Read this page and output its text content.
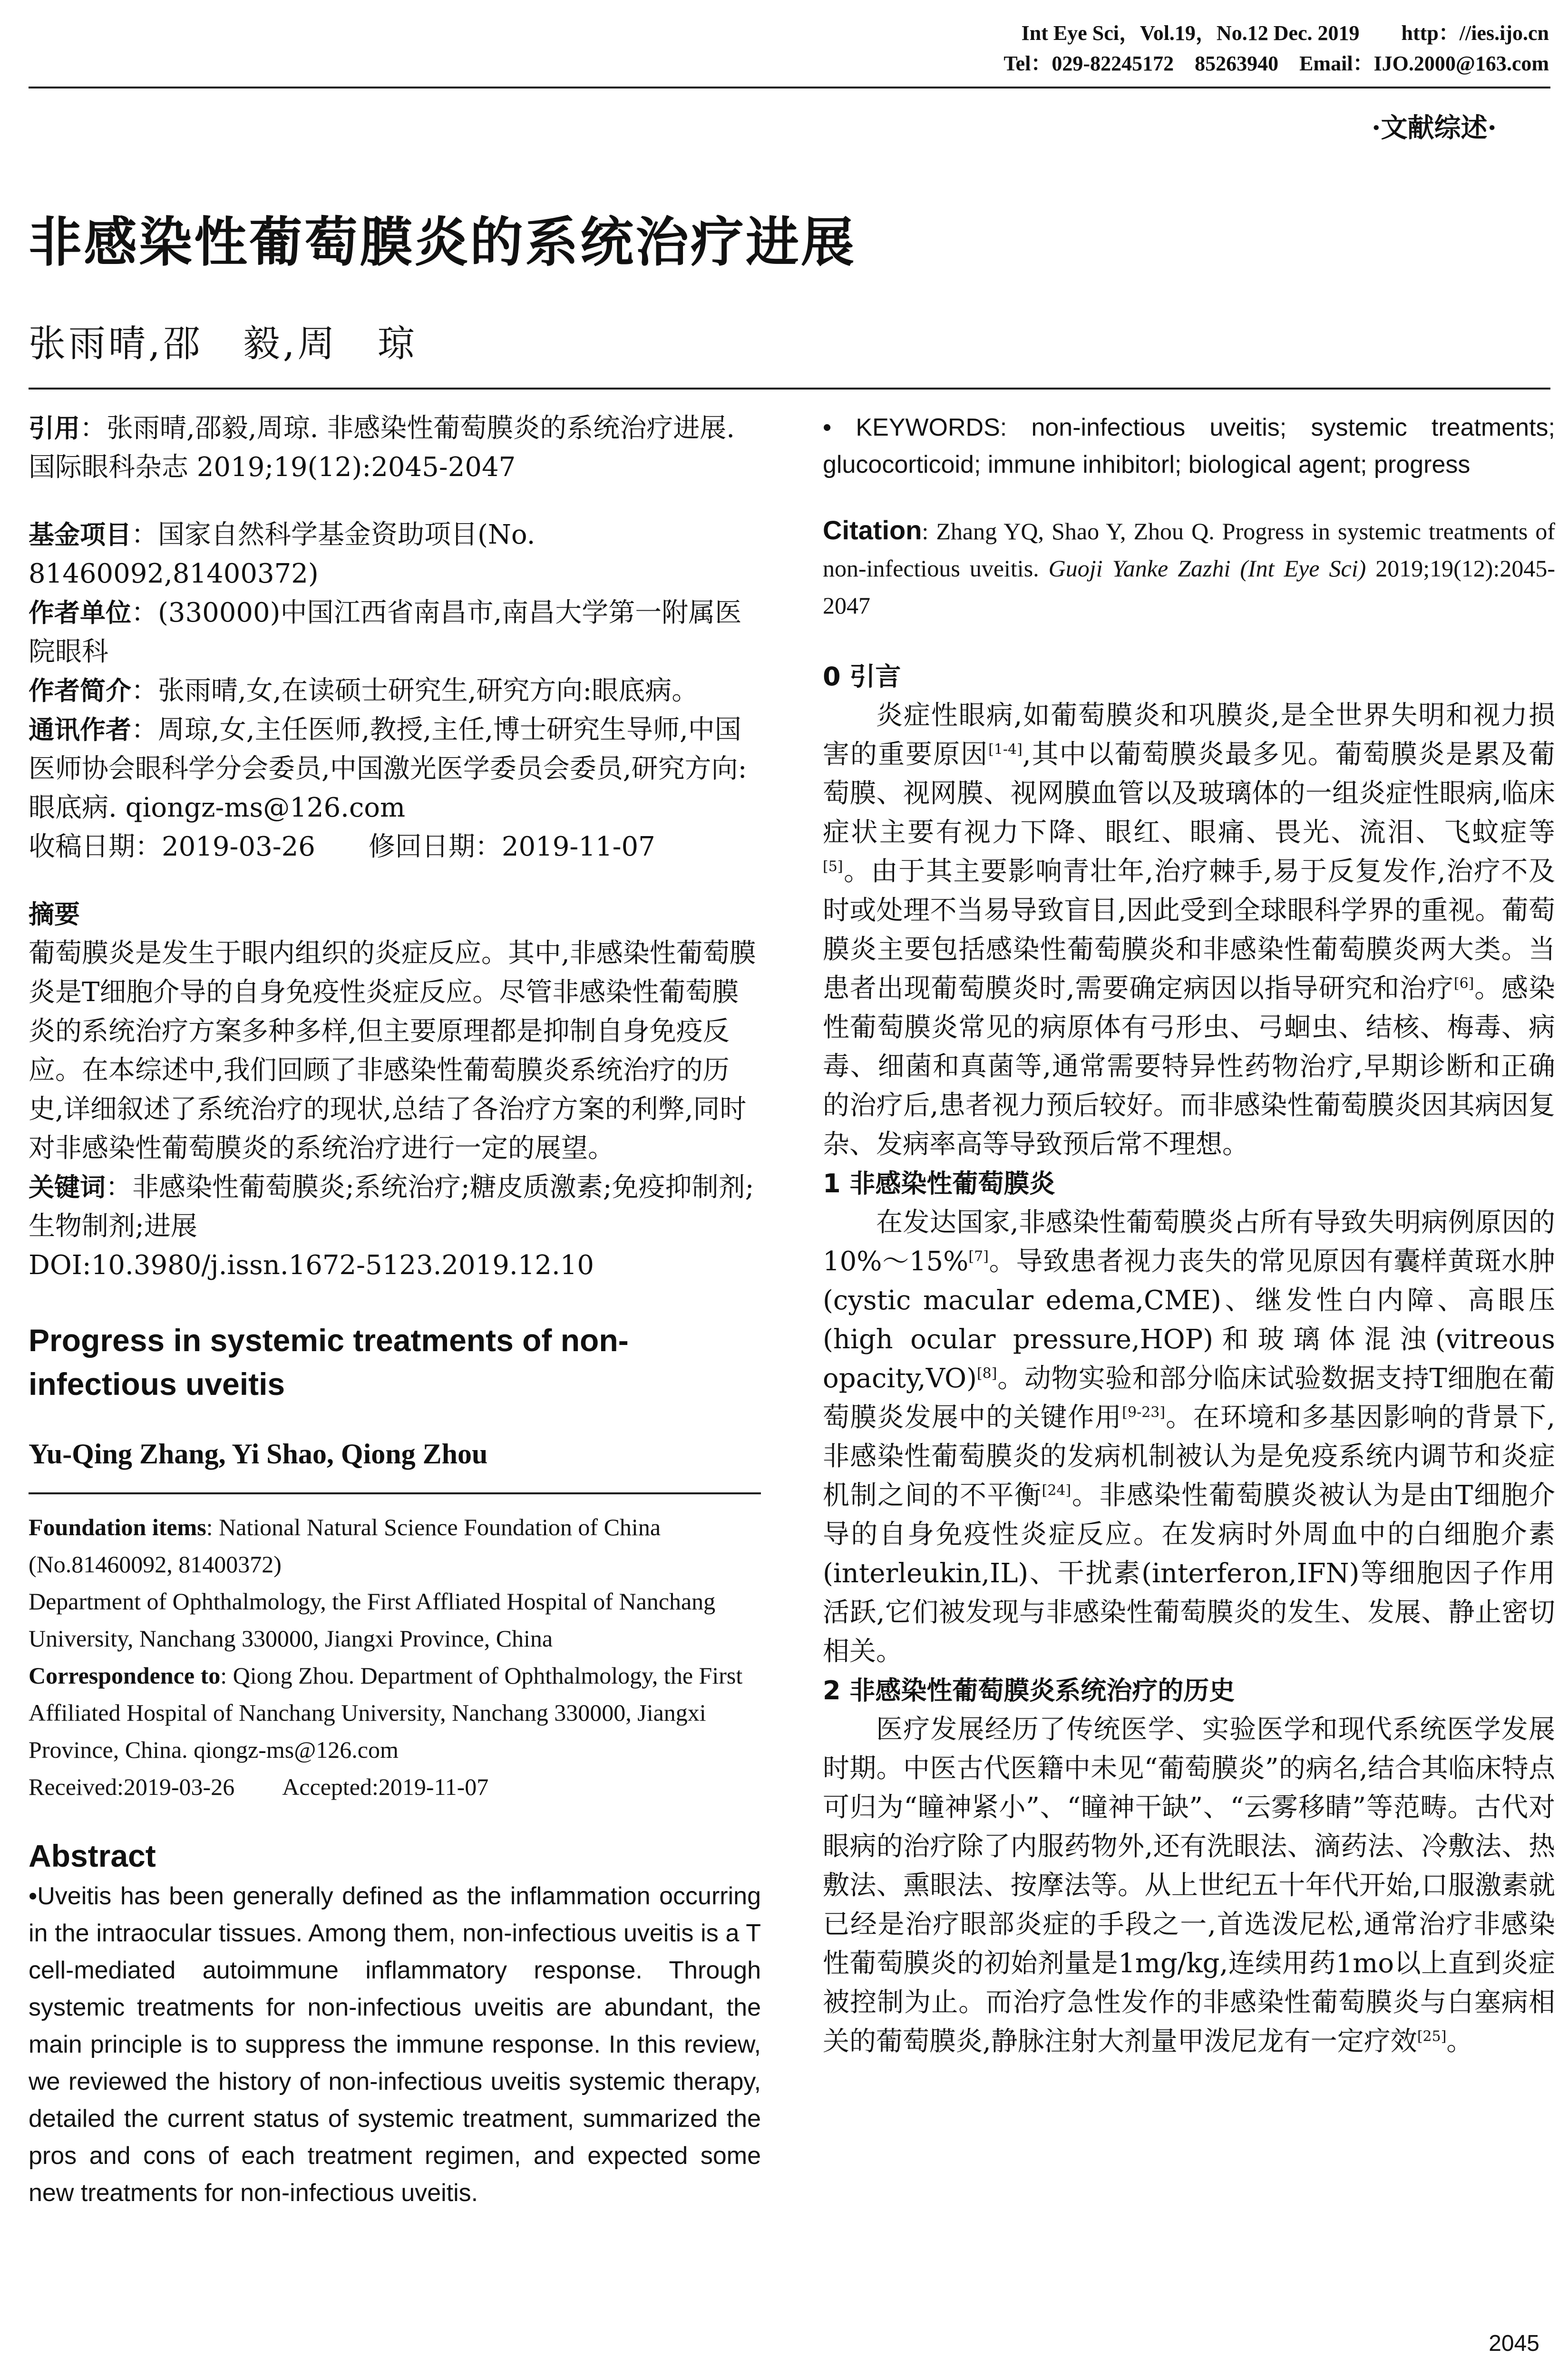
Int Eye Sci，Vol.19，No.12 Dec. 2019　　http：//ies.ijo.cn
Tel：029-82245172　85263940　Email：IJO.2000@163.com
·文献综述·
非感染性葡萄膜炎的系统治疗进展
张雨晴,邵　毅,周　琼

引用：张雨晴,邵毅,周琼. 非感染性葡萄膜炎的系统治疗进展. 国际眼科杂志 2019;19(12):2045-2047

基金项目：国家自然科学基金资助项目(No. 81460092,81400372)

作者单位：(330000)中国江西省南昌市,南昌大学第一附属医院眼科

作者简介：张雨晴,女,在读硕士研究生,研究方向:眼底病。

通讯作者：周琼,女,主任医师,教授,主任,博士研究生导师,中国医师协会眼科学分会委员,中国激光医学委员会委员,研究方向:眼底病. qiongz-ms@126.com

收稿日期：2019-03-26　　修回日期：2019-11-07

摘要

葡萄膜炎是发生于眼内组织的炎症反应。其中,非感染性葡萄膜炎是T细胞介导的自身免疫性炎症反应。尽管非感染性葡萄膜炎的系统治疗方案多种多样,但主要原理都是抑制自身免疫反应。在本综述中,我们回顾了非感染性葡萄膜炎系统治疗的历史,详细叙述了系统治疗的现状,总结了各治疗方案的利弊,同时对非感染性葡萄膜炎的系统治疗进行一定的展望。

关键词：非感染性葡萄膜炎;系统治疗;糖皮质激素;免疫抑制剂;生物制剂;进展

DOI:10.3980/j.issn.1672-5123.2019.12.10

Progress in systemic treatments of non-infectious uveitis

Yu-Qing Zhang, Yi Shao, Qiong Zhou

Foundation items: National Natural Science Foundation of China (No.81460092, 81400372)

Department of Ophthalmology, the First Affliated Hospital of Nanchang University, Nanchang 330000, Jiangxi Province, China

Correspondence to: Qiong Zhou. Department of Ophthalmology, the First Affiliated Hospital of Nanchang University, Nanchang 330000, Jiangxi Province, China. qiongz-ms@126.com

Received:2019-03-26　　Accepted:2019-11-07

Abstract

•Uveitis has been generally defined as the inflammation occurring in the intraocular tissues. Among them, non-infectious uveitis is a T cell-mediated autoimmune inflammatory response. Through systemic treatments for non-infectious uveitis are abundant, the main principle is to suppress the immune response. In this review, we reviewed the history of non-infectious uveitis systemic therapy, detailed the current status of systemic treatment, summarized the pros and cons of each treatment regimen, and expected some new treatments for non-infectious uveitis.

• KEYWORDS: non-infectious uveitis; systemic treatments; glucocorticoid; immune inhibitorl; biological agent; progress

Citation: Zhang YQ, Shao Y, Zhou Q. Progress in systemic treatments of non-infectious uveitis. Guoji Yanke Zazhi (Int Eye Sci) 2019;19(12):2045-2047

0 引言

炎症性眼病,如葡萄膜炎和巩膜炎,是全世界失明和视力损害的重要原因[1-4],其中以葡萄膜炎最多见。葡萄膜炎是累及葡萄膜、视网膜、视网膜血管以及玻璃体的一组炎症性眼病,临床症状主要有视力下降、眼红、眼痛、畏光、流泪、飞蚊症等[5]。由于其主要影响青壮年,治疗棘手,易于反复发作,治疗不及时或处理不当易导致盲目,因此受到全球眼科学界的重视。葡萄膜炎主要包括感染性葡萄膜炎和非感染性葡萄膜炎两大类。当患者出现葡萄膜炎时,需要确定病因以指导研究和治疗[6]。感染性葡萄膜炎常见的病原体有弓形虫、弓蛔虫、结核、梅毒、病毒、细菌和真菌等,通常需要特异性药物治疗,早期诊断和正确的治疗后,患者视力预后较好。而非感染性葡萄膜炎因其病因复杂、发病率高等导致预后常不理想。

1 非感染性葡萄膜炎

在发达国家,非感染性葡萄膜炎占所有导致失明病例原因的10%～15%[7]。导致患者视力丧失的常见原因有囊样黄斑水肿(cystic macular edema,CME)、继发性白内障、高眼压(high ocular pressure,HOP)和玻璃体混浊(vitreous opacity,VO)[8]。动物实验和部分临床试验数据支持T细胞在葡萄膜炎发展中的关键作用[9-23]。在环境和多基因影响的背景下,非感染性葡萄膜炎的发病机制被认为是免疫系统内调节和炎症机制之间的不平衡[24]。非感染性葡萄膜炎被认为是由T细胞介导的自身免疫性炎症反应。在发病时外周血中的白细胞介素(interleukin,IL)、干扰素(interferon,IFN)等细胞因子作用活跃,它们被发现与非感染性葡萄膜炎的发生、发展、静止密切相关。

2 非感染性葡萄膜炎系统治疗的历史

医疗发展经历了传统医学、实验医学和现代系统医学发展时期。中医古代医籍中未见“葡萄膜炎”的病名,结合其临床特点可归为“瞳神紧小”、“瞳神干缺”、“云雾移睛”等范畴。古代对眼病的治疗除了内服药物外,还有洗眼法、滴药法、冷敷法、热敷法、熏眼法、按摩法等。从上世纪五十年代开始,口服激素就已经是治疗眼部炎症的手段之一,首选泼尼松,通常治疗非感染性葡萄膜炎的初始剂量是1mg/kg,连续用药1mo以上直到炎症被控制为止。而治疗急性发作的非感染性葡萄膜炎与白塞病相关的葡萄膜炎,静脉注射大剂量甲泼尼龙有一定疗效[25]。

2045
